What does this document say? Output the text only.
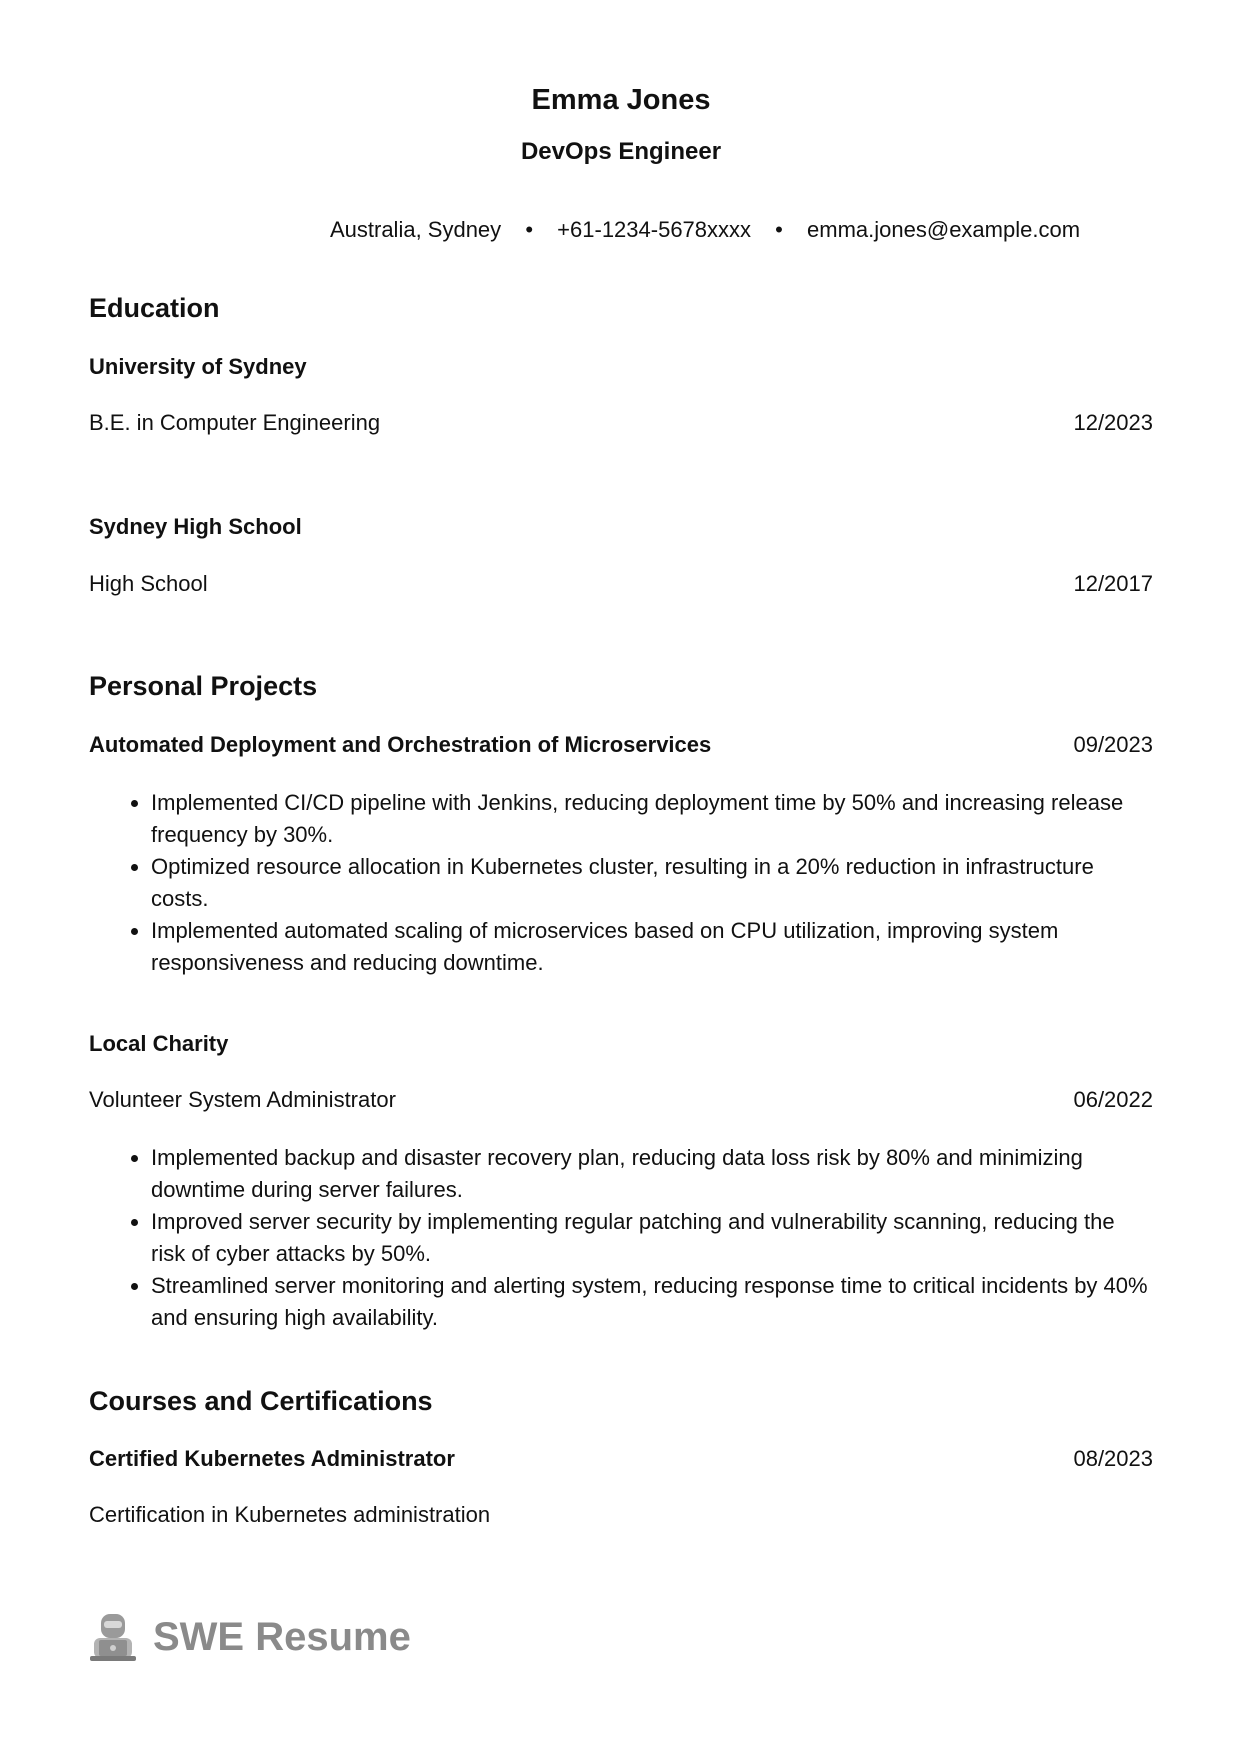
Emma Jones
DevOps Engineer
Australia, Sydney • +61-1234-5678xxxx • emma.jones@example.com
Education
University of Sydney
B.E. in Computer Engineering	12/2023
Sydney High School
High School	12/2017
Personal Projects
Automated Deployment and Orchestration of Microservices	09/2023
• Implemented CI/CD pipeline with Jenkins, reducing deployment time by 50% and increasing release frequency by 30%.
• Optimized resource allocation in Kubernetes cluster, resulting in a 20% reduction in infrastructure costs.
• Implemented automated scaling of microservices based on CPU utilization, improving system responsiveness and reducing downtime.
Local Charity
Volunteer System Administrator	06/2022
• Implemented backup and disaster recovery plan, reducing data loss risk by 80% and minimizing downtime during server failures.
• Improved server security by implementing regular patching and vulnerability scanning, reducing the risk of cyber attacks by 50%.
• Streamlined server monitoring and alerting system, reducing response time to critical incidents by 40% and ensuring high availability.
Courses and Certifications
Certified Kubernetes Administrator	08/2023
Certification in Kubernetes administration
SWE Resume
